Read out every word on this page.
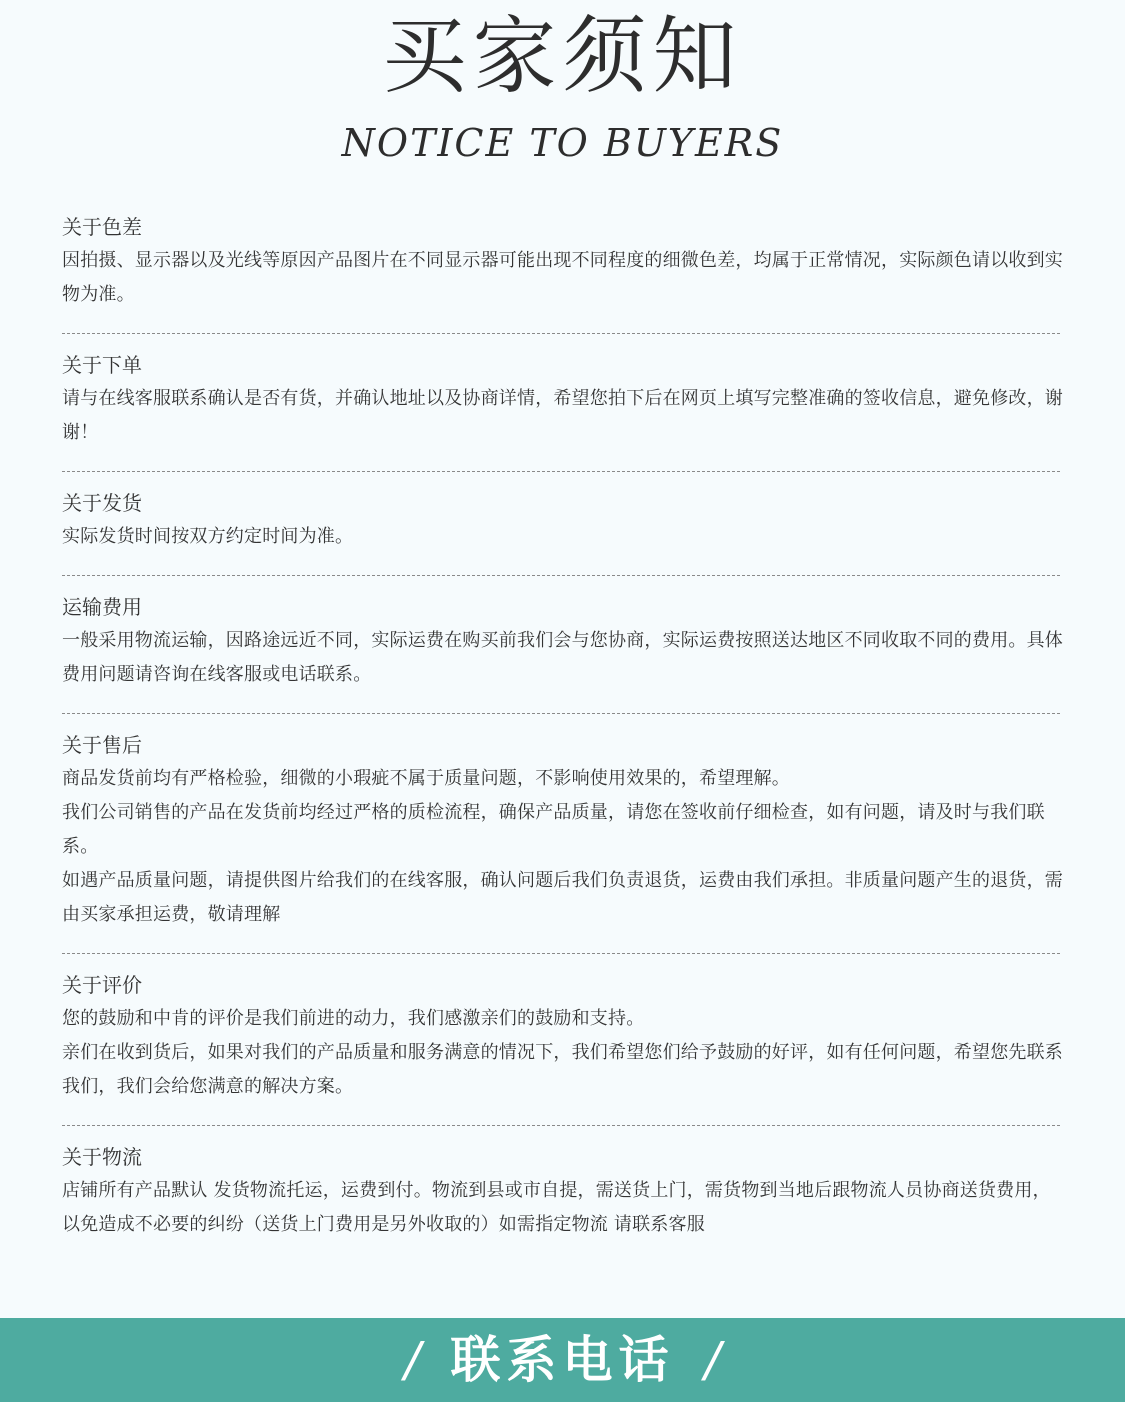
买家须知
NOTICE TO BUYERS
关于色差

因拍摄、显示器以及光线等原因产品图片在不同显示器可能出现不同程度的细微色差，均属于正常情况，实际颜色请以收到实物为准。

关于下单

请与在线客服联系确认是否有货，并确认地址以及协商详情，希望您拍下后在网页上填写完整准确的签收信息，避免修改，谢谢！

关于发货

实际发货时间按双方约定时间为准。

运输费用

一般采用物流运输，因路途远近不同，实际运费在购买前我们会与您协商，实际运费按照送达地区不同收取不同的费用。具体费用问题请咨询在线客服或电话联系。

关于售后

商品发货前均有严格检验，细微的小瑕疵不属于质量问题，不影响使用效果的，希望理解。

我们公司销售的产品在发货前均经过严格的质检流程，确保产品质量，请您在签收前仔细检查，如有问题，请及时与我们联系。

如遇产品质量问题，请提供图片给我们的在线客服，确认问题后我们负责退货，运费由我们承担。非质量问题产生的退货，需由买家承担运费，敬请理解

关于评价

您的鼓励和中肯的评价是我们前进的动力，我们感激亲们的鼓励和支持。

亲们在收到货后，如果对我们的产品质量和服务满意的情况下，我们希望您们给予鼓励的好评，如有任何问题，希望您先联系我们，我们会给您满意的解决方案。

关于物流

店铺所有产品默认 发货物流托运，运费到付。物流到县或市自提，需送货上门，需货物到当地后跟物流人员协商送货费用，以免造成不必要的纠纷（送货上门费用是另外收取的）如需指定物流 请联系客服

/ 联系电话 /
